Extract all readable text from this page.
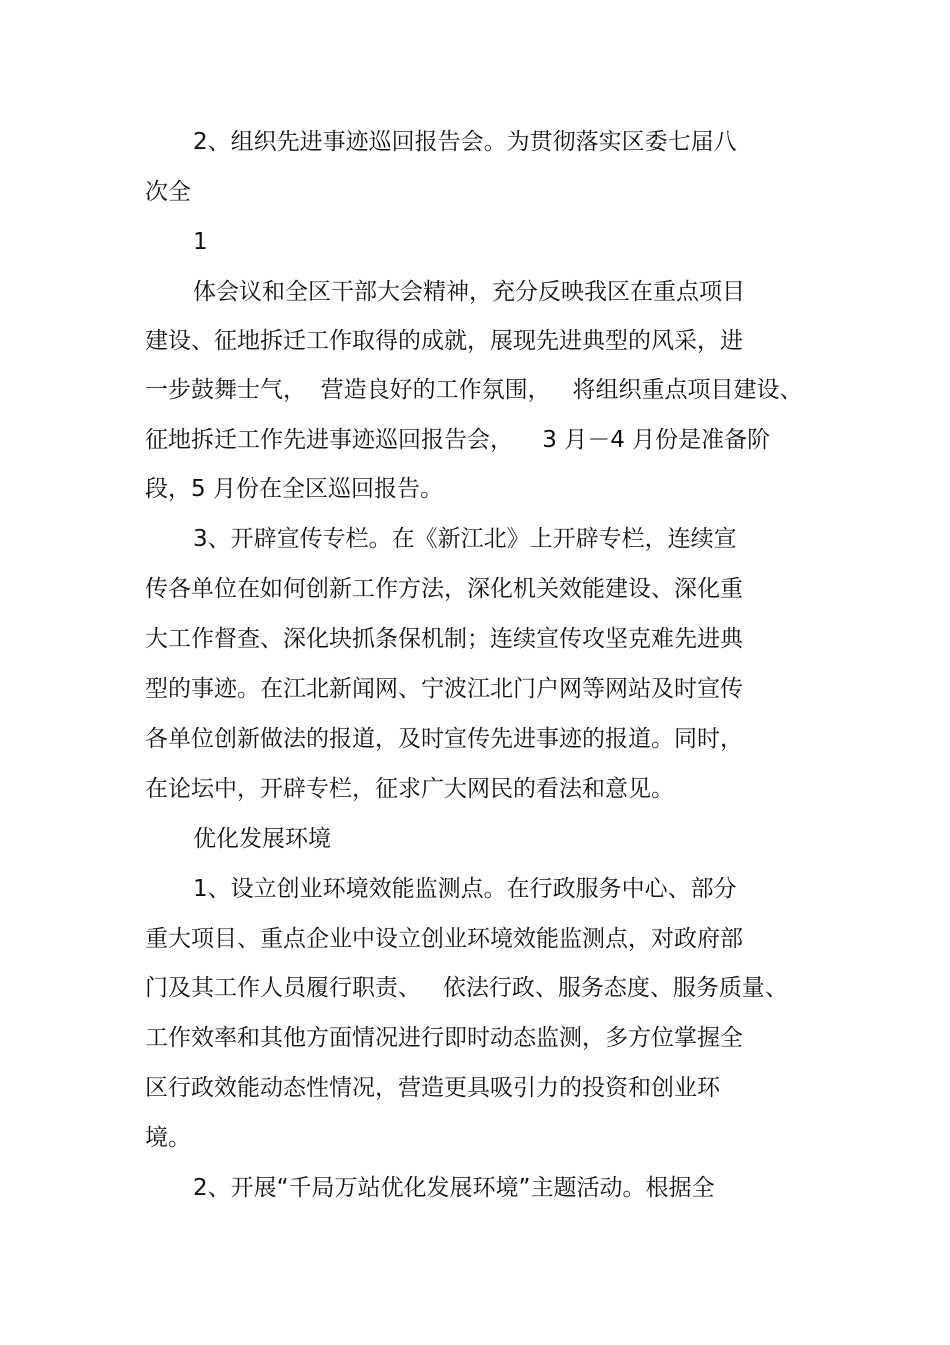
2、组织先进事迹巡回报告会。为贯彻落实区委七届八
次全
1
体会议和全区干部大会精神，充分反映我区在重点项目
建设、征地拆迁工作取得的成就，展现先进典型的风采，进
一步鼓舞士气，  营造良好的工作氛围，   将组织重点项目建设、
征地拆迁工作先进事迹巡回报告会，    3 月－4 月份是准备阶
段，5 月份在全区巡回报告。
3、开辟宣传专栏。在《新江北》上开辟专栏，连续宣
传各单位在如何创新工作方法，深化机关效能建设、深化重
大工作督查、深化块抓条保机制；连续宣传攻坚克难先进典
型的事迹。在江北新闻网、宁波江北门户网等网站及时宣传
各单位创新做法的报道，及时宣传先进事迹的报道。同时，
在论坛中，开辟专栏，征求广大网民的看法和意见。
优化发展环境
1、设立创业环境效能监测点。在行政服务中心、部分
重大项目、重点企业中设立创业环境效能监测点，对政府部
门及其工作人员履行职责、   依法行政、服务态度、服务质量、
工作效率和其他方面情况进行即时动态监测，多方位掌握全
区行政效能动态性情况，营造更具吸引力的投资和创业环
境。
2、开展“千局万站优化发展环境”主题活动。根据全
